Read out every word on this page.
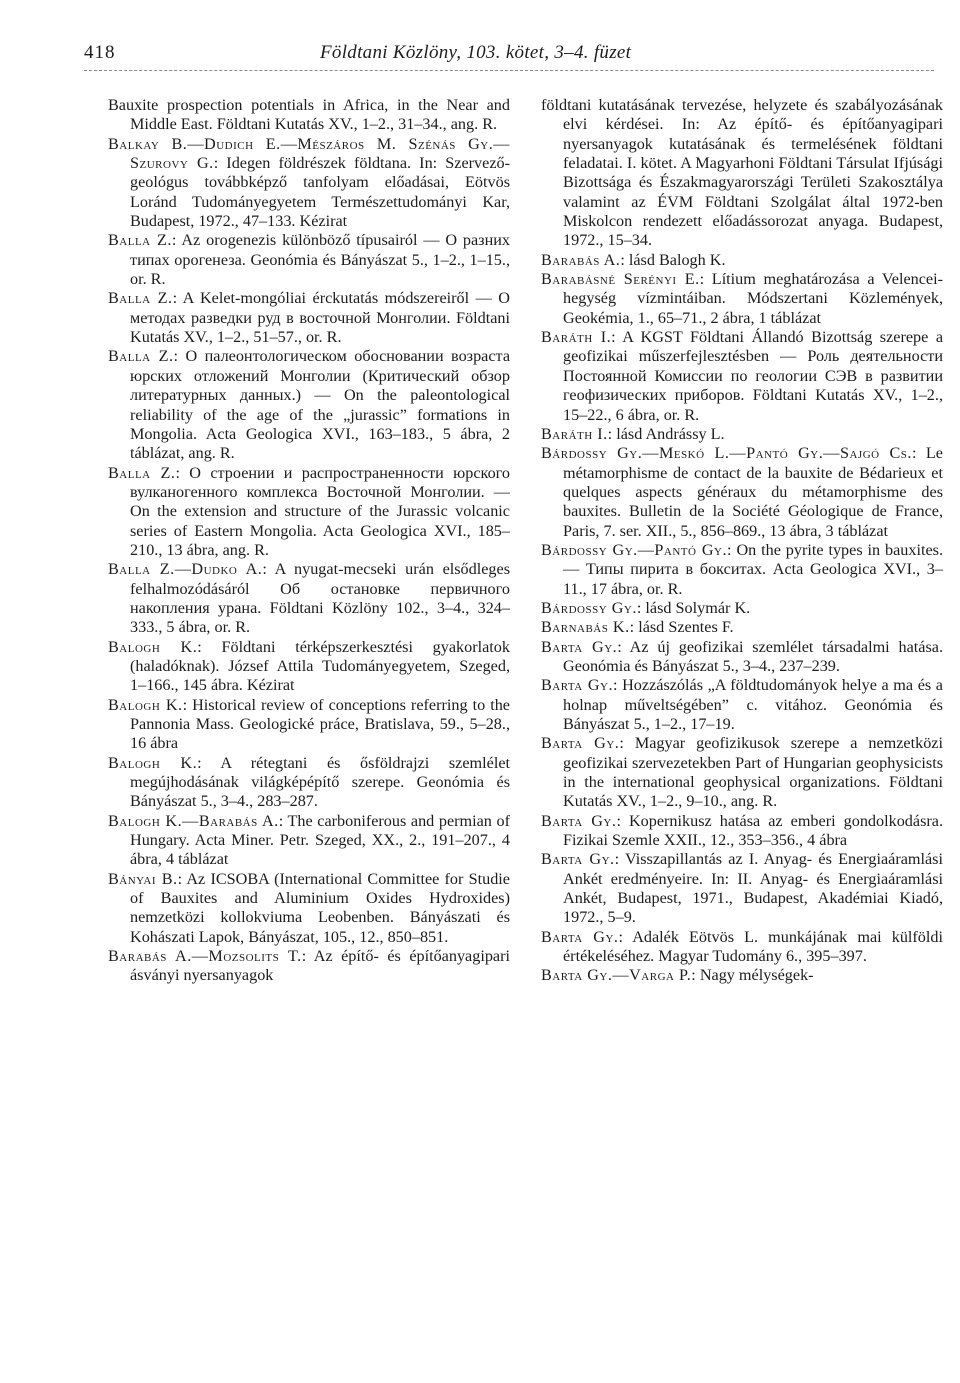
418	Földtani Közlöny, 103. kötet, 3–4. füzet
Bauxite prospection potentials in Africa, in the Near and Middle East. Földtani Kutatás XV., 1–2., 31–34., ang. R.
Balkay B.—Dudich E.—Mészáros M. Szénás Gy.—Szurovy G.: Idegen földrészek földtana. In: Szervező-geológus továbbképző tanfolyam előadásai, Eötvös Loránd Tudományegyetem Természettudományi Kar, Budapest, 1972., 47–133. Kézirat
Balla Z.: Az orogenezis különböző típusairól — О разних типах орогенеза. Geonómia és Bányászat 5., 1–2., 1–15., or. R.
Balla Z.: A Kelet-mongóliai érckutatás módszereiről — О методах разведки руд в восточной Монголии. Földtani Kutatás XV., 1–2., 51–57., or. R.
Balla Z.: О палеонтологическом обосновании возраста юрских отложений Монголии (Критический обзор литературных данных.) — On the paleontological reliability of the age of the „jurassic” formations in Mongolia. Acta Geologica XVI., 163–183., 5 ábra, 2 táblázat, ang. R.
Balla Z.: О строении и распространенности юрского вулканогенного комплекса Восточной Монголии. — On the extension and structure of the Jurassic volcanic series of Eastern Mongolia. Acta Geologica XVI., 185–210., 13 ábra, ang. R.
Balla Z.—Dudko A.: A nyugat-mecseki urán elsődleges felhalmozódásáról Об остановке первичного накопления урана. Földtani Közlöny 102., 3–4., 324–333., 5 ábra, or. R.
Balogh K.: Földtani térképszerkesztési gyakorlatok (haladóknak). József Attila Tudományegyetem, Szeged, 1–166., 145 ábra. Kézirat
Balogh K.: Historical review of conceptions referring to the Pannonia Mass. Geologické práce, Bratislava, 59., 5–28., 16 ábra
Balogh K.: A rétegtani és ősföldrajzi szemlélet megújhodásának világképépítő szerepe. Geonómia és Bányászat 5., 3–4., 283–287.
Balogh K.—Barabás A.: The carboniferous and permian of Hungary. Acta Miner. Petr. Szeged, XX., 2., 191–207., 4 ábra, 4 táblázat
Bányai B.: Az ICSOBA (International Committee for Studie of Bauxites and Aluminium Oxides Hydroxides) nemzetközi kollokviuma Leobenben. Bányászati és Kohászati Lapok, Bányászat, 105., 12., 850–851.
Barabás A.—Mozsolits T.: Az építő- és építőanyagipari ásványi nyersanyagok
földtani kutatásának tervezése, helyzete és szabályozásának elvi kérdései. In: Az építő- és építőanyagipari nyersanyagok kutatásának és termelésének földtani feladatai. I. kötet. A Magyarhoni Földtani Társulat Ifjúsági Bizottsága és Északmagyarországi Területi Szakosztálya valamint az ÉVM Földtani Szolgálat által 1972-ben Miskolcon rendezett előadássorozat anyaga. Budapest, 1972., 15–34.
Barabás A.: lásd Balogh K.
Barabásné Serényi E.: Lítium meghatározása a Velencei-hegység vízmintáiban. Módszertani Közlemények, Geokémia, 1., 65–71., 2 ábra, 1 táblázat
Baráth I.: A KGST Földtani Állandó Bizottság szerepe a geofizikai műszerfejlesztésben — Роль деятельности Постоянной Комиссии по геологии СЭВ в развитии геофизических приборов. Földtani Kutatás XV., 1–2., 15–22., 6 ábra, or. R.
Baráth I.: lásd Andrássy L.
Bárdossy Gy.—Meskó L.—Pantó Gy.—Sajgó Cs.: Le métamorphisme de contact de la bauxite de Bédarieux et quelques aspects généraux du métamorphisme des bauxites. Bulletin de la Société Géologique de France, Paris, 7. ser. XII., 5., 856–869., 13 ábra, 3 táblázat
Bárdossy Gy.—Pantó Gy.: On the pyrite types in bauxites. — Типы пирита в бокситах. Acta Geologica XVI., 3–11., 17 ábra, or. R.
Bárdossy Gy.: lásd Solymár K.
Barnabás K.: lásd Szentes F.
Barta Gy.: Az új geofizikai szemlélet társadalmi hatása. Geonómia és Bányászat 5., 3–4., 237–239.
Barta Gy.: Hozzászólás „A földtudományok helye a ma és a holnap műveltségében” c. vitához. Geonómia és Bányászat 5., 1–2., 17–19.
Barta Gy.: Magyar geofizikusok szerepe a nemzetközi geofizikai szervezetekben Part of Hungarian geophysicists in the international geophysical organizations. Földtani Kutatás XV., 1–2., 9–10., ang. R.
Barta Gy.: Kopernikusz hatása az emberi gondolkodásra. Fizikai Szemle XXII., 12., 353–356., 4 ábra
Barta Gy.: Visszapillantás az I. Anyag- és Energiaáramlási Ankét eredményeire. In: II. Anyag- és Energiaáramlási Ankét, Budapest, 1971., Budapest, Akadémiai Kiadó, 1972., 5–9.
Barta Gy.: Adalék Eötvös L. munkájának mai külföldi értékeléséhez. Magyar Tudomány 6., 395–397.
Barta Gy.—Varga P.: Nagy mélységek-
